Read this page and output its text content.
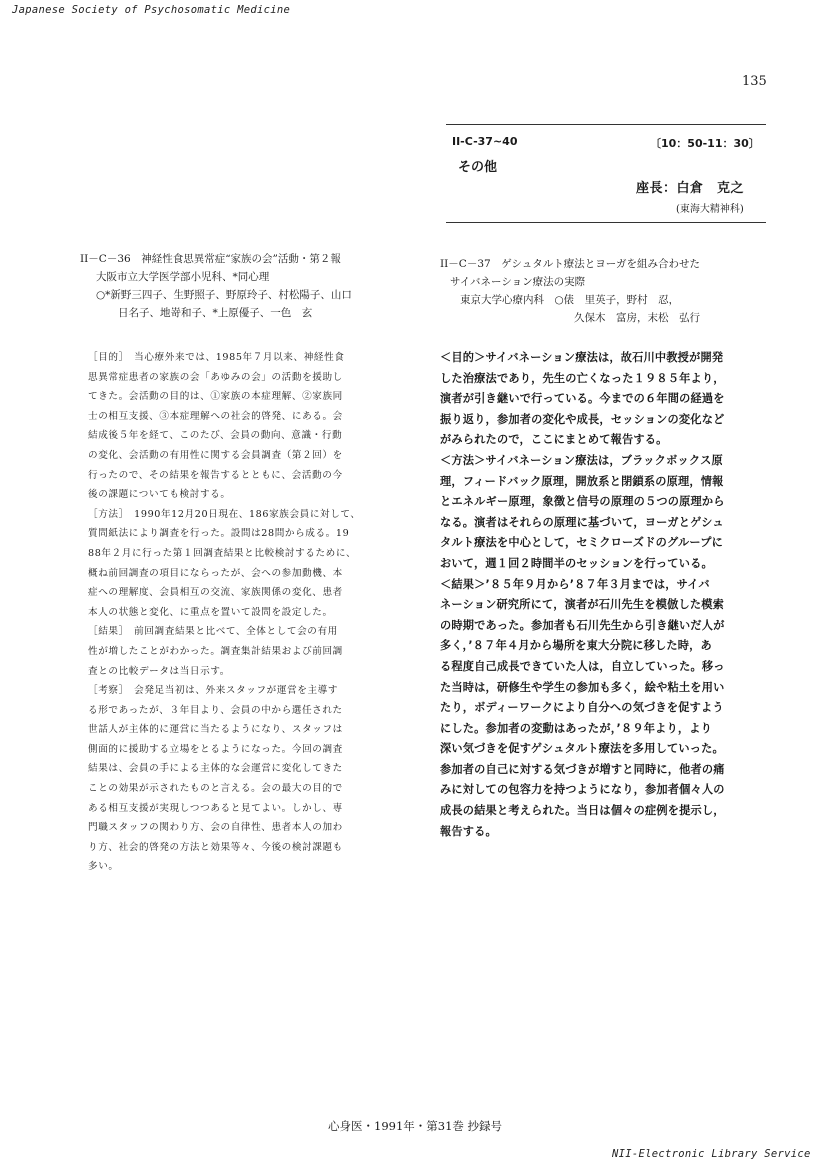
Japanese Society of Psychosomatic Medicine
135
II-C-37~40	〔10：50-11：30〕
その他
座長：白倉　克之
(東海大精神科)
II－C－36　神経性食思異常症“家族の会”活動・第２報
大阪市立大学医学部小児科、*同心理
○*新野三四子、生野照子、野原玲子、村松陽子、山口
日名子、地嵜和子、*上原優子、一色　玄

［目的］　当心療外来では、1985年７月以来、神経性食

思異常症患者の家族の会「あゆみの会」の活動を援助し

てきた。会活動の目的は、①家族の本症理解、②家族同

士の相互支援、③本症理解への社会的啓発、にある。会

結成後５年を経て、このたび、会員の動向、意識・行動

の変化、会活動の有用性に関する会員調査（第２回）を

行ったので、その結果を報告するとともに、会活動の今

後の課題についても検討する。

［方法］　1990年12月20日現在、186家族会員に対して、

質問紙法により調査を行った。設問は28問から成る。19

88年２月に行った第１回調査結果と比較検討するために、

概ね前回調査の項目にならったが、会への参加動機、本

症への理解度、会員相互の交流、家族関係の変化、患者

本人の状態と変化、に重点を置いて設問を設定した。

［結果］　前回調査結果と比べて、全体として会の有用

性が増したことがわかった。調査集計結果および前回調

査との比較データは当日示す。

［考察］　会発足当初は、外来スタッフが運営を主導す

る形であったが、３年目より、会員の中から選任された

世話人が主体的に運営に当たるようになり、スタッフは

側面的に援助する立場をとるようになった。今回の調査

結果は、会員の手による主体的な会運営に変化してきた

ことの効果が示されたものと言える。会の最大の目的で

ある相互支援が実現しつつあると見てよい。しかし、専

門職スタッフの関わり方、会の自律性、患者本人の加わ

り方、社会的啓発の方法と効果等々、今後の検討課題も

多い。

II－C－37　ゲシュタルト療法とヨーガを組み合わせた
サイバネーション療法の実際
東京大学心療内科　○俵　里英子，野村　忍，
久保木　富房，末松　弘行

＜目的＞サイバネーション療法は，故石川中教授が開発

した治療法であり，先生の亡くなった１９８５年より，

演者が引き継いで行っている。今までの６年間の経過を

振り返り，参加者の変化や成長，セッションの変化など

がみられたので，ここにまとめて報告する。

＜方法＞サイバネーション療法は，ブラックボックス原

理，フィードバック原理，開放系と閉鎖系の原理，情報

とエネルギー原理，象徴と信号の原理の５つの原理から

なる。演者はそれらの原理に基づいて，ヨーガとゲシュ

タルト療法を中心として，セミクローズドのグループに

おいて，週１回２時間半のセッションを行っている。

＜結果＞’８５年９月から’８７年３月までは，サイバ

ネーション研究所にて，演者が石川先生を模倣した模索

の時期であった。参加者も石川先生から引き継いだ人が

多く，’８７年４月から場所を東大分院に移した時，あ

る程度自己成長できていた人は，自立していった。移っ

た当時は，研修生や学生の参加も多く，絵や粘土を用い

たり，ボディーワークにより自分への気づきを促すよう

にした。参加者の変動はあったが，’８９年より，より

深い気づきを促すゲシュタルト療法を多用していった。

参加者の自己に対する気づきが増すと同時に，他者の痛

みに対しての包容力を持つようになり，参加者個々人の

成長の結果と考えられた。当日は個々の症例を提示し，

報告する。

心身医・1991年・第31巻 抄録号
NII-Electronic Library Service
